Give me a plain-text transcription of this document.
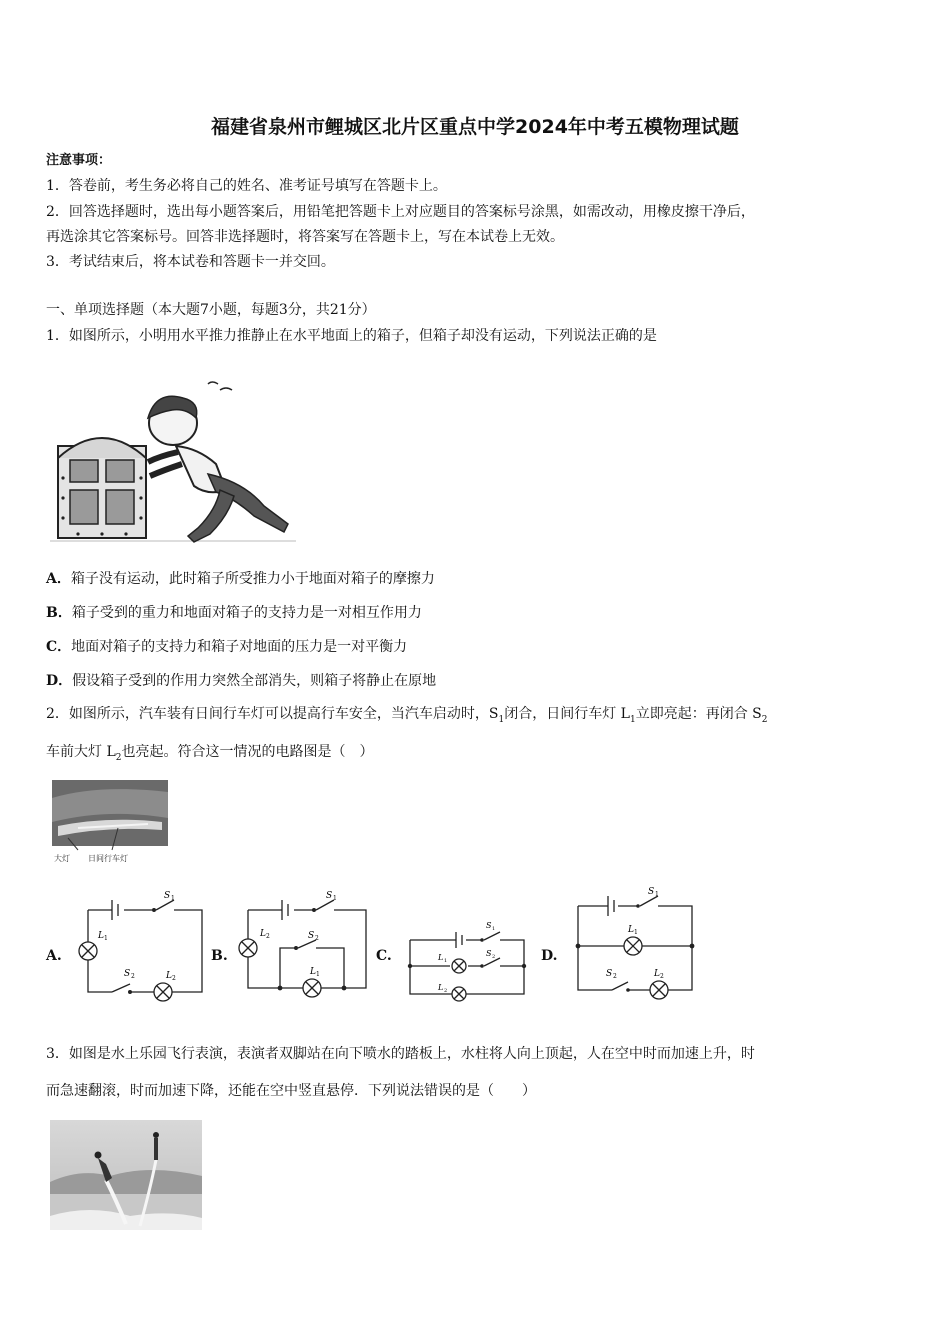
福建省泉州市鲤城区北片区重点中学2024年中考五模物理试题
注意事项：
1．答卷前，考生务必将自己的姓名、准考证号填写在答题卡上。
2．回答选择题时，选出每小题答案后，用铅笔把答题卡上对应题目的答案标号涂黑，如需改动，用橡皮擦干净后，
再选涂其它答案标号。回答非选择题时，将答案写在答题卡上，写在本试卷上无效。
3．考试结束后，将本试卷和答题卡一并交回。
一、单项选择题（本大题7小题，每题3分，共21分）
1．如图所示，小明用水平推力推静止在水平地面上的箱子，但箱子却没有运动，下列说法正确的是
A．箱子没有运动，此时箱子所受推力小于地面对箱子的摩擦力
B．箱子受到的重力和地面对箱子的支持力是一对相互作用力
C．地面对箱子的支持力和箱子对地面的压力是一对平衡力
D．假设箱子受到的作用力突然全部消失，则箱子将静止在原地
2．如图所示，汽车装有日间行车灯可以提高行车安全，当汽车启动时，$S_1$闭合，日间行车灯 $L_1$立即亮起：再闭合 $S_2$
车前大灯 $L_2$也亮起。符合这一情况的电路图是（　）
大灯 日间行车灯
A.
S 1
L 1
S 2	L 2
B.
S 1
L 2	S 2
L 1
C.
S 1
S 2
L 1
L 2
D.
S 1
L 1
S 2	L 2
3．如图是水上乐园飞行表演，表演者双脚站在向下喷水的踏板上，水柱将人向上顶起，人在空中时而加速上升，时
而急速翻滚，时而加速下降，还能在空中竖直悬停．下列说法错误的是（　　）
